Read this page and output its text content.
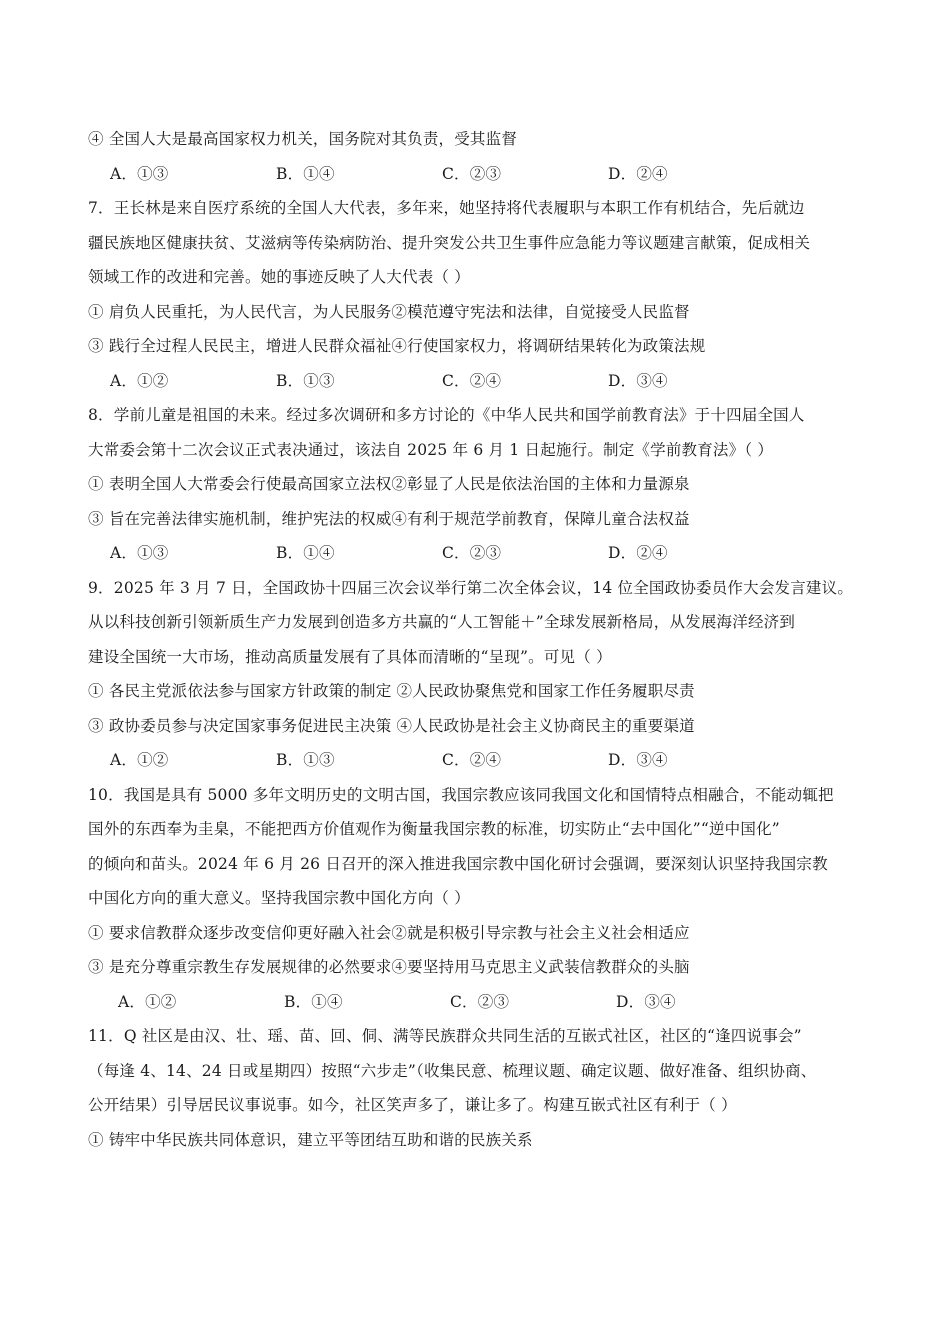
④ 全国人大是最高国家权力机关，国务院对其负责，受其监督
A．①③	B．①④	C．②③	D．②④
7．王长林是来自医疗系统的全国人大代表，多年来，她坚持将代表履职与本职工作有机结合，先后就边
疆民族地区健康扶贫、艾滋病等传染病防治、提升突发公共卫生事件应急能力等议题建言献策，促成相关
领域工作的改进和完善。她的事迹反映了人大代表（ ）
① 肩负人民重托，为人民代言，为人民服务②模范遵守宪法和法律，自觉接受人民监督
③ 践行全过程人民民主，增进人民群众福祉④行使国家权力，将调研结果转化为政策法规
A．①②	B．①③	C．②④	D．③④
8．学前儿童是祖国的未来。经过多次调研和多方讨论的《中华人民共和国学前教育法》于十四届全国人
大常委会第十二次会议正式表决通过，该法自 2025 年 6 月 1 日起施行。制定《学前教育法》（ ）
① 表明全国人大常委会行使最高国家立法权②彰显了人民是依法治国的主体和力量源泉
③ 旨在完善法律实施机制，维护宪法的权威④有利于规范学前教育，保障儿童合法权益
A．①③	B．①④	C．②③	D．②④
9．2025 年 3 月 7 日，全国政协十四届三次会议举行第二次全体会议，14 位全国政协委员作大会发言建议。
从以科技创新引领新质生产力发展到创造多方共赢的“人工智能＋”全球发展新格局，从发展海洋经济到
建设全国统一大市场，推动高质量发展有了具体而清晰的“呈现”。可见（ ）
① 各民主党派依法参与国家方针政策的制定 ②人民政协聚焦党和国家工作任务履职尽责
③ 政协委员参与决定国家事务促进民主决策 ④人民政协是社会主义协商民主的重要渠道
A．①②	B．①③	C．②④	D．③④
10．我国是具有 5000 多年文明历史的文明古国，我国宗教应该同我国文化和国情特点相融合，不能动辄把
国外的东西奉为圭臬，不能把西方价值观作为衡量我国宗教的标准，切实防止“去中国化”“逆中国化”
的倾向和苗头。2024 年 6 月 26 日召开的深入推进我国宗教中国化研讨会强调，要深刻认识坚持我国宗教
中国化方向的重大意义。坚持我国宗教中国化方向（ ）
① 要求信教群众逐步改变信仰更好融入社会②就是积极引导宗教与社会主义社会相适应
③ 是充分尊重宗教生存发展规律的必然要求④要坚持用马克思主义武装信教群众的头脑
A．①②	B．①④	C．②③	D．③④
11．Q 社区是由汉、壮、瑶、苗、回、侗、满等民族群众共同生活的互嵌式社区，社区的“逢四说事会”
（每逢 4、14、24 日或星期四）按照“六步走”（收集民意、梳理议题、确定议题、做好准备、组织协商、
公开结果）引导居民议事说事。如今，社区笑声多了，谦让多了。构建互嵌式社区有利于（ ）
① 铸牢中华民族共同体意识，建立平等团结互助和谐的民族关系
